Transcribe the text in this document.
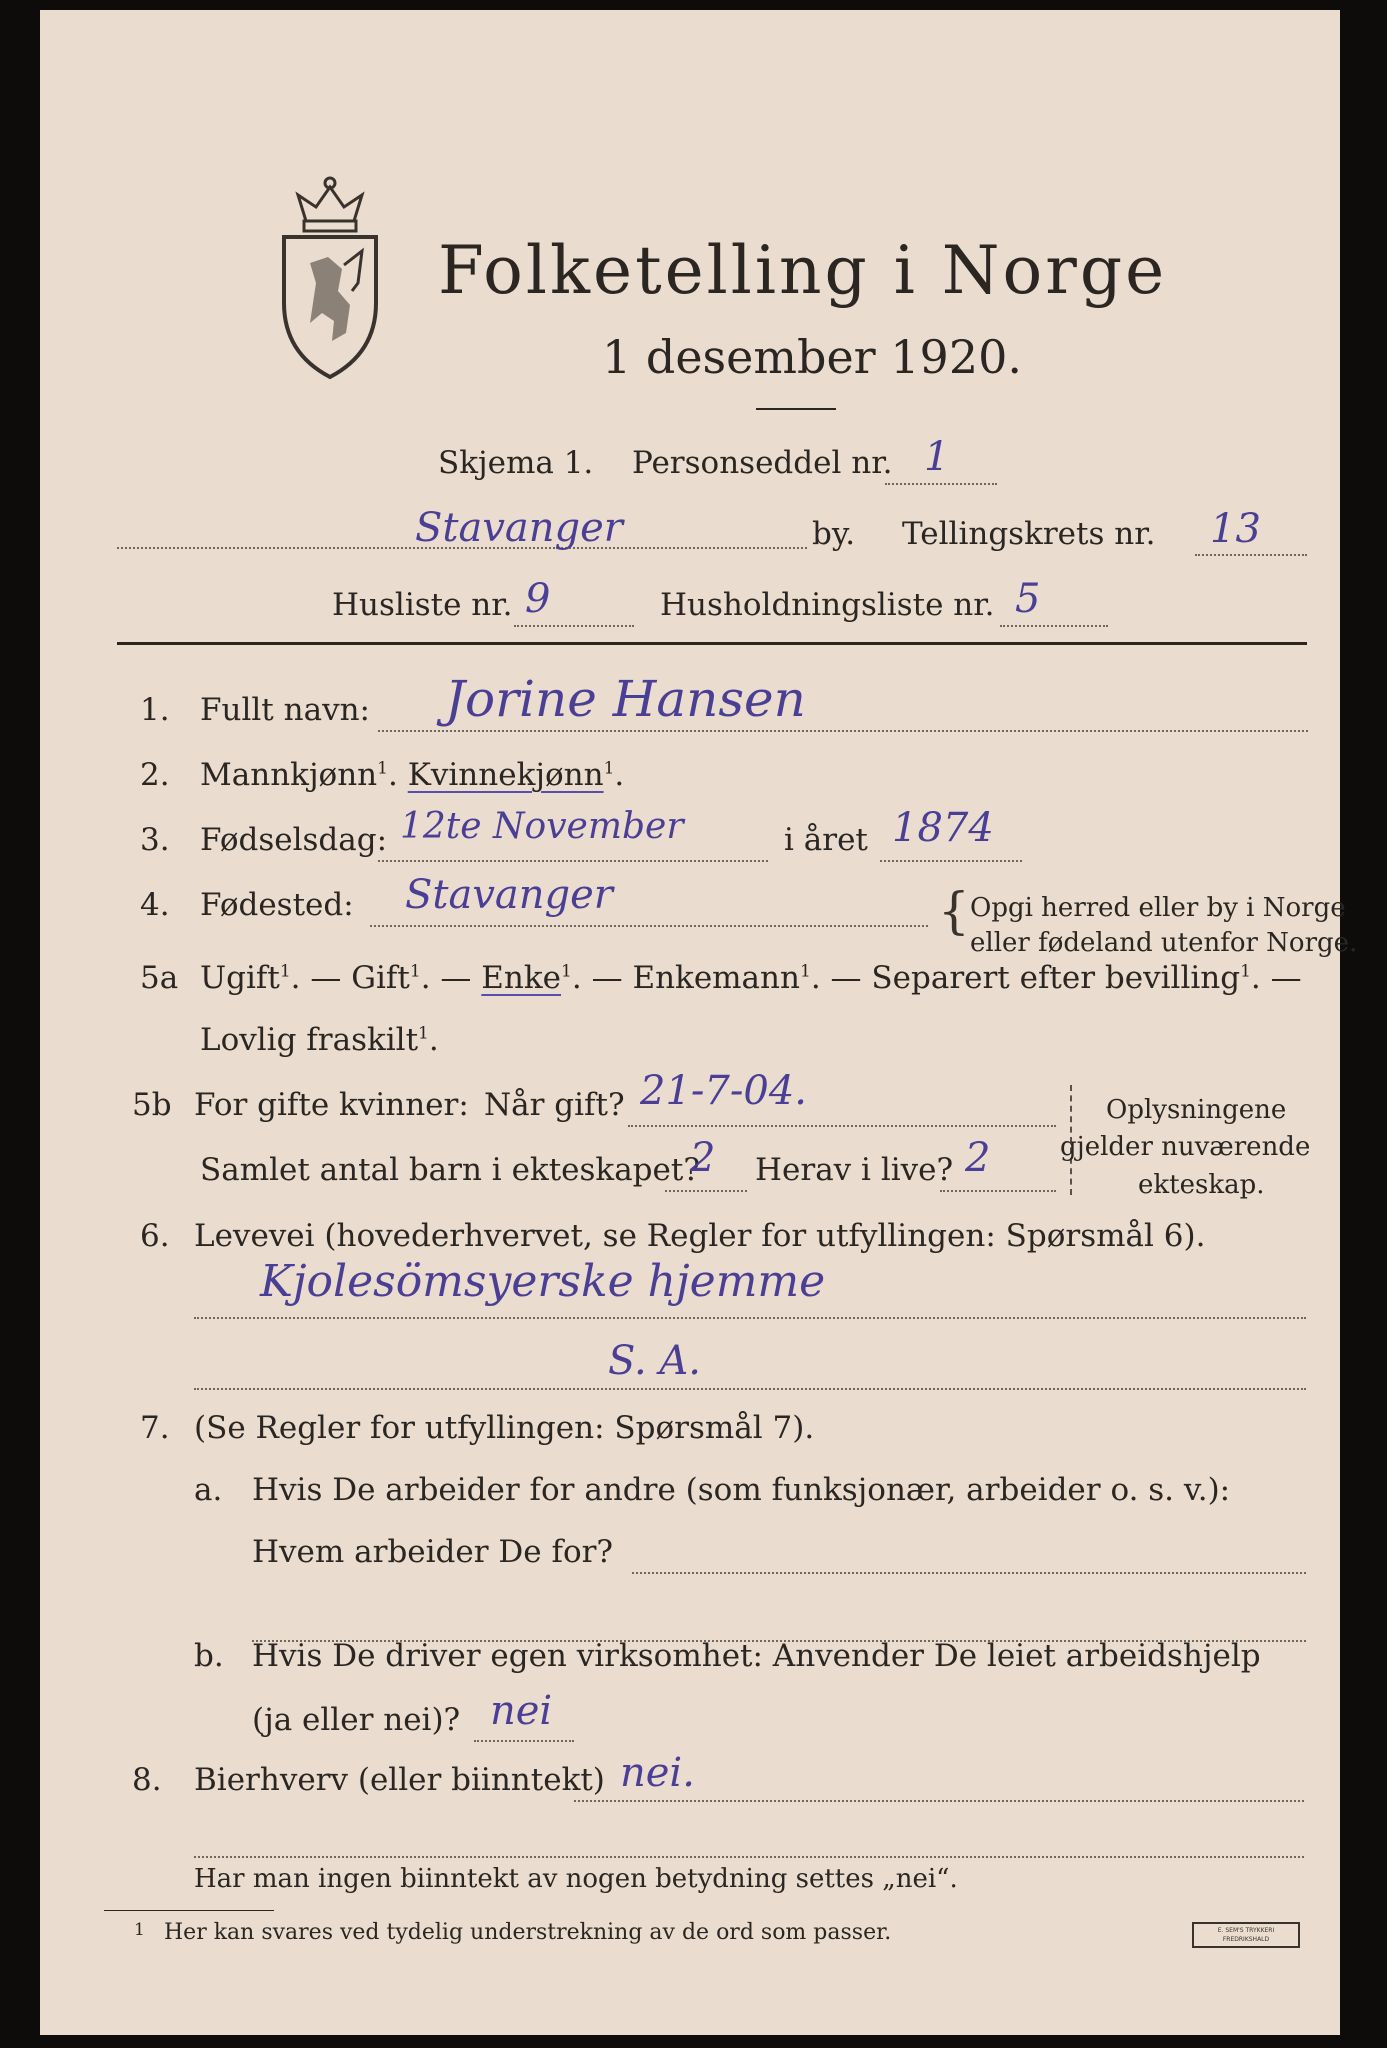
Folketelling i Norge
1 desember 1920.
Skjema 1. Personseddel nr. 1
Stavanger	by. Tellingskrets nr. 13
Husliste nr. 9	Husholdningsliste nr. 5
1. Fullt navn: Jorine Hansen
2. Mannkjønn$^1$. Kvinnekjønn$^1$.
3. Fødselsdag: 12te November	i året 1874
4. Fødested: Stavanger	{ Opgi herred eller by i Norge
eller fødeland utenfor Norge.
5a Ugift$^1$. — Gift$^1$. — Enke$^1$. — Enkemann$^1$. — Separert efter bevilling$^1$. —
Lovlig fraskilt$^1$.
5b For gifte kvinner: Når gift? 21-7-04.
Samlet antal barn i ekteskapet?
2 Herav i live? 2
Oplysningene
gjelder nuværende
ekteskap.
6. Levevei (hovederhvervet, se Regler for utfyllingen: Spørsmål 6).
Kjolesömsyerske hjemme
S. A.
7. (Se Regler for utfyllingen: Spørsmål 7).
a. Hvis De arbeider for andre (som funksjonær, arbeider o. s. v.):
Hvem arbeider De for?
b. Hvis De driver egen virksomhet: Anvender De leiet arbeidshjelp
(ja eller nei)? nei
8. Bierhverv (eller biinntekt) nei.
Har man ingen biinntekt av nogen betydning settes „nei“.
1 Her kan svares ved tydelig understrekning av de ord som passer.	E. SEM'S TRYKKERI FREDRIKSHALD
